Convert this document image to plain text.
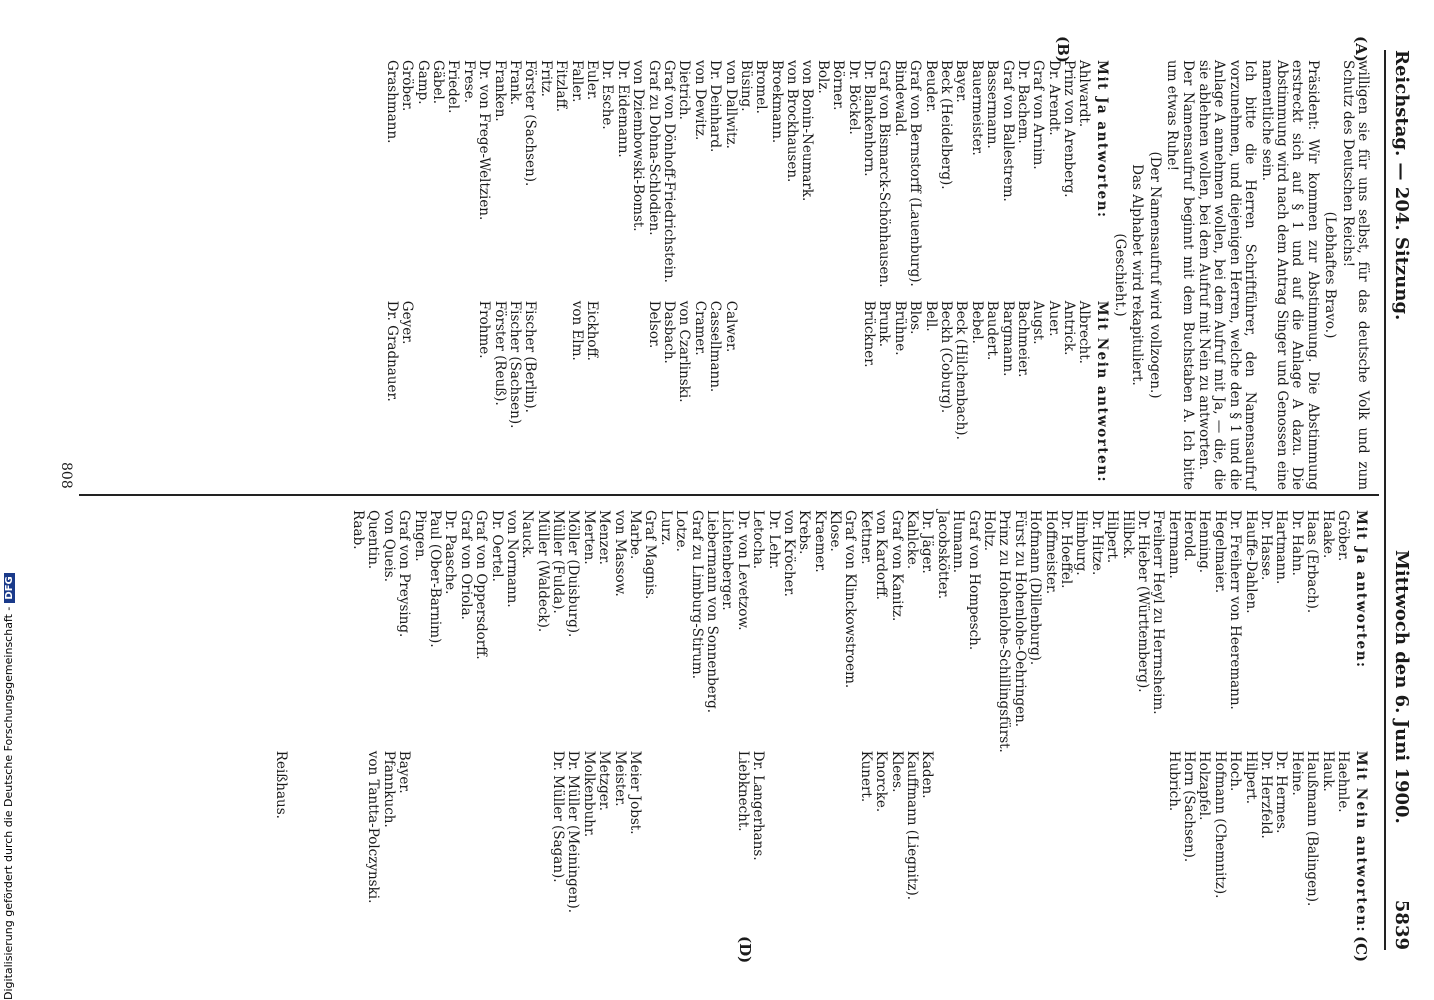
Reichstag. — 204. Sitzung.
Mittwoch den 6. Juni 1900.
5839
(A)
(B)
(C)
(D)

willigen sie für uns selbst, für das deutsche Volk und zum Schutz des Deutschen Reichs!

(Lebhaftes Bravo.)

Präsident: Wir kommen zur Abstimmung. Die Abstimmung erstreckt sich auf § 1 und auf die Anlage A dazu. Die Abstimmung wird nach dem Antrag Singer und Genossen eine namentliche sein.

Ich bitte die Herren Schriftführer, den Namensaufruf vorzunehmen, und diejenigen Herren, welche den § 1 und die Anlage A annehmen wollen, bei dem Aufruf mit Ja, — die, die sie ablehnen wollen, bei dem Aufruf mit Nein zu antworten.

Der Namensaufruf beginnt mit dem Buchstaben A. Ich bitte um etwas Ruhe!

(Der Namensaufruf wird vollzogen.)

Das Alphabet wird rekapituliert.

(Geschieht.)

Mit Ja antworten:
Ahlwardt.
Prinz von Arenberg.
Dr. Arendt.
Graf von Arnim.
Dr. Bachem.
Graf von Ballestrem.
Bassermann.
Bauermeister.
Bayer.
Beck (Heidelberg).
Beuder.
Graf von Bernstorff (Lauenburg).
Bindewald.
Graf von Bismarck-Schönhausen.
Dr. Blankenhorn.
Dr. Böckel.
Börner.
Bolz.
von Bonin-Neumark.
von Brockhausen.
Broekmann.
Bromel.
Büsing.
von Dallwitz.
Dr. Deinhard.
von Dewitz.
Dietrich.
Graf von Dönhoff-Friedrichstein.
Graf zu Dohna-Schlodien.
von Dziembowski-Bomst.
Dr. Eidemann.
Dr. Esche.
Euler.
Faller.
Fitzlaff.
Fritz.
Förster (Sachsen).
Frank.
Franken.
Dr. von Frege-Weltzien.
Frese.
Friedel.
Gäbel.
Gamp.
Gröber.
Grashmann.
Mit Nein antworten:
Albrecht.
Antrick.
Auer.
Augst.
Bachmeier.
Bargmann.
Baudert.
Bebel.
Beck (Hilchenbach).
Beckh (Coburg).
Bell.
Blos.
Brühne.
Brunk.
Brückner.
Calwer.
Cassellmann.
Cramer.
von Czarlinski.
Dasbach.
Delsor.
Eickhoff.
von Elm.
Fischer (Berlin).
Fischer (Sachsen).
Förster (Reuß).
Frohme.
Geyer.
Dr. Gradnauer.
Mit Ja antworten:
Gröber.
Haake.
Haas (Erbach).
Dr. Hahn.
Hartmann.
Dr. Hasse.
Hauffe-Dahlen.
Dr. Freiherr von Heeremann.
Hegelmaier.
Henning.
Herold.
Hermann.
Freiherr Heyl zu Herrnsheim.
Dr. Hieber (Württemberg).
Hilbck.
Hilpert.
Dr. Hitze.
Himburg.
Dr. Hoeffel.
Hoffmeister.
Hofmann (Dillenburg).
Fürst zu Hohenlohe-Oehringen.
Prinz zu Hohenlohe-Schillingsfürst.
Holtz.
Graf von Hompesch.
Humann.
Jacobskötter.
Dr. Jäger.
Kahlcke.
Graf von Kanitz.
von Kardorff.
Kettner.
Graf von Klinckowstroem.
Klose.
Kraemer.
Krebs.
von Kröcher.
Dr. Lehr.
Letocha.
Dr. von Levetzow.
Lichtenberger.
Liebermann von Sonnenberg.
Graf zu Limburg-Stirum.
Lotze.
Lurz.
Graf Magnis.
Marbe.
von Massow.
Menzer.
Merten.
Möller (Duisburg).
Müller (Fulda).
Müller (Waldeck).
Nauck.
von Normann.
Dr. Oertel.
Graf von Oppersdorff.
Graf von Oriola.
Dr. Paasche.
Paul (Ober-Barnim).
Pingen.
Graf von Preysing.
von Queis.
Quentin.
Raab.
Mit Nein antworten:
Haehnle.
Hauk.
Haußmann (Balingen).
Heine.
Dr. Hermes.
Dr. Herzfeld.
Hilpert.
Hoch.
Hofmann (Chemnitz).
Holzapfel.
Horn (Sachsen).
Hubrich.
Kaden.
Kauffmann (Liegnitz).
Klees.
Knorcke.
Kunert.
Dr. Langerhans.
Liebknecht.
Meier Jobst.
Meister.
Metzger.
Molkenbuhr.
Dr. Müller (Meiningen).
Dr. Müller (Sagan).
Bayer.
Pfannkuch.
von Tantta-Polczynski.
Reißhaus.
808
Digitalisierung gefördert durch die Deutsche Forschungsgemeinschaft -DFG
